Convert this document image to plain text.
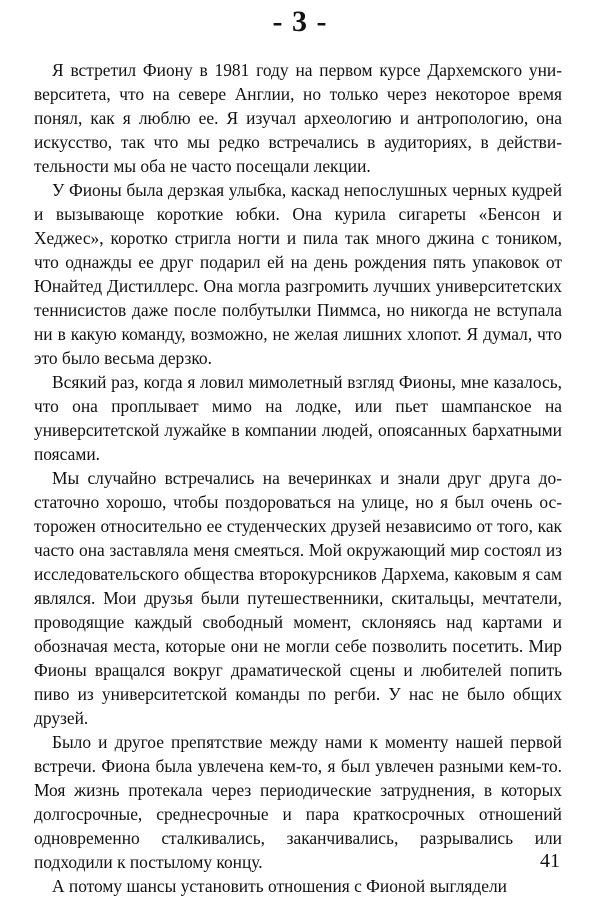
- 3 -

Я встретил Фиону в 1981 году на первом курсе Дархемского университета, что на севере Англии, но только через некоторое время понял, как я люблю ее. Я изучал археологию и антропологию, она искусство, так что мы редко встречались в аудиториях, в действительности мы оба не часто посещали лекции.

У Фионы была дерзкая улыбка, каскад непослушных черных кудрей и вызывающе короткие юбки. Она курила сигареты «Бенсон и Хеджес», коротко стригла ногти и пила так много джина с тоником, что однажды ее друг подарил ей на день рождения пять упаковок от Юнайтед Дистиллерс. Она могла разгромить лучших университетских теннисистов даже после полбутылки Пиммса, но никогда не вступала ни в какую команду, возможно, не желая лишних хлопот. Я думал, что это было весьма дерзко.

Всякий раз, когда я ловил мимолетный взгляд Фионы, мне казалось, что она проплывает мимо на лодке, или пьет шампанское на университетской лужайке в компании людей, опоясанных бархатными поясами.

Мы случайно встречались на вечеринках и знали друг друга достаточно хорошо, чтобы поздороваться на улице, но я был очень осторожен относительно ее студенческих друзей независимо от того, как часто она заставляла меня смеяться. Мой окружающий мир состоял из исследовательского общества второкурсников Дархема, каковым я сам являлся. Мои друзья были путешественники, скитальцы, мечтатели, проводящие каждый свободный момент, склоняясь над картами и обозначая места, которые они не могли себе позволить посетить. Мир Фионы вращался вокруг драматической сцены и любителей попить пиво из университетской команды по регби. У нас не было общих друзей.

Было и другое препятствие между нами к моменту нашей первой встречи. Фиона была увлечена кем-то, я был увлечен разными кем-то. Моя жизнь протекала через периодические затруднения, в которых долгосрочные, среднесрочные и пара краткосрочных отношений одновременно сталкивались, заканчивались, разрывались или подходили к постылому концу.

А потому шансы установить отношения с Фионой выглядели

41
